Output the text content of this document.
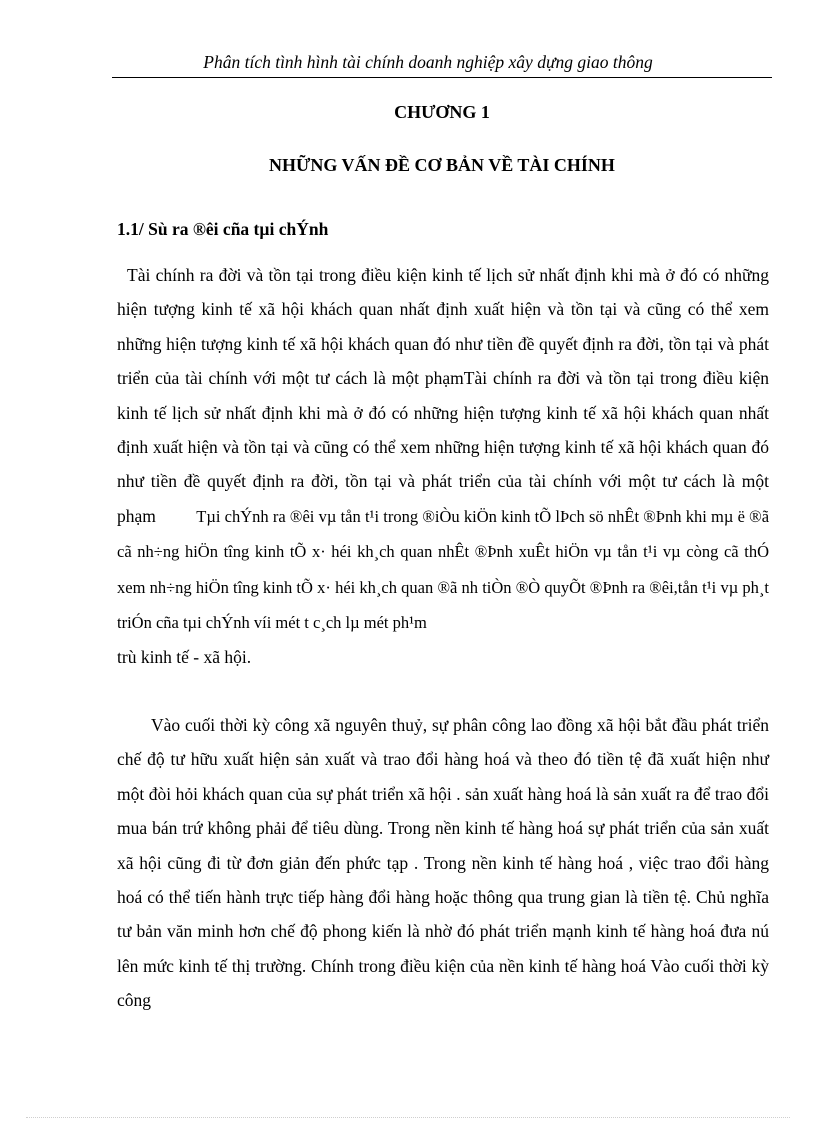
Phân tích tình hình tài chính doanh nghiệp xây dựng giao thông
CHƯƠNG 1
NHỮNG VẤN ĐỀ CƠ BẢN VỀ TÀI CHÍNH
1.1/ Sù ra ®êi cña tµi chÝnh
Tài chính ra đời và tồn tại trong điều kiện kinh tế lịch sử nhất định khi mà ở đó có những hiện tượng kinh tế xã hội khách quan nhất định xuất hiện và tồn tại và cũng có thể xem những hiện tượng kinh tế xã hội khách quan đó như tiền đề quyết định ra đời, tồn tại và phát triển của tài chính với một tư cách là một phạmTài chính ra đời và tồn tại trong điều kiện kinh tế lịch sử nhất định khi mà ở đó có những hiện tượng kinh tế xã hội khách quan nhất định xuất hiện và tồn tại và cũng có thể xem những hiện tượng kinh tế xã hội khách quan đó như tiền đề quyết định ra đời, tồn tại và phát triển của tài chính với một tư cách là một phạm Tµi chÝnh ra ®êi vµ tån t¹i trong ®iÒu kiÖn kinh tÕ lÞch sö nhÊt ®Þnh khi mµ ë ®ã cã nh÷ng hiÖn tîng kinh tÕ x· héi kh¸ch quan nhÊt ®Þnh xuÊt hiÖn vµ tån t¹i vµ còng cã thÓ xem nh÷ng hiÖn tîng kinh tÕ x· héi kh¸ch quan ®ã nh tiÒn ®Ò quyÕt ®Þnh ra ®êi,tån t¹i vµ ph¸t triÓn cña tµi chÝnh víi mét t c¸ch lµ mét ph¹m
trù kinh tế - xã hội.
Vào cuối thời kỳ công xã nguyên thuỷ, sự phân công lao đồng xã hội bắt đầu phát triển chế độ tư hữu xuất hiện sản xuất và trao đổi hàng hoá và theo đó tiền tệ đã xuất hiện như một đòi hỏi khách quan của sự phát triển xã hội . sản xuất hàng hoá là sản xuất ra để trao đổi mua bán trứ không phải để tiêu dùng. Trong nền kinh tế hàng hoá sự phát triển của sản xuất xã hội cũng đi từ đơn giản đến phức tạp . Trong nền kinh tế hàng hoá , việc trao đổi hàng hoá có thể tiến hành trực tiếp hàng đổi hàng hoặc thông qua trung gian là tiền tệ. Chủ nghĩa tư bản văn minh hơn chế độ phong kiến là nhờ đó phát triển mạnh kinh tế hàng hoá đưa nú lên mức kinh tế thị trường. Chính trong điều kiện của nền kinh tế hàng hoá Vào cuối thời kỳ công
